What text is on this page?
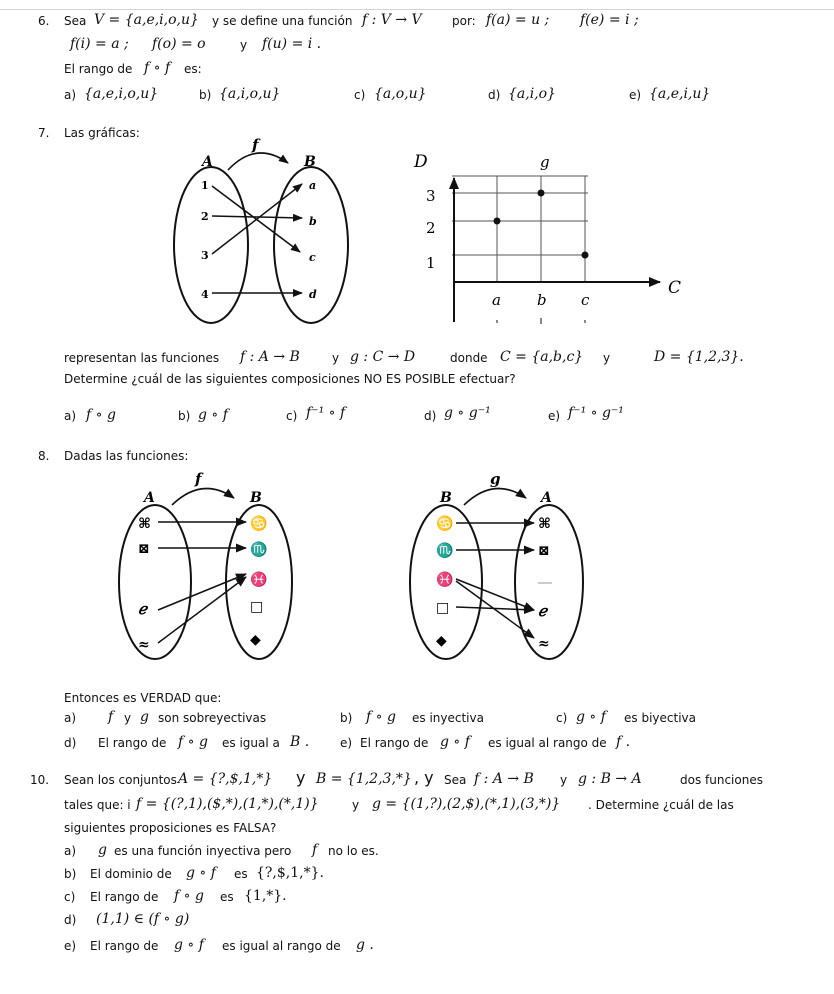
6. Sea V = {a,e,i,o,u} y se define una función f : V → V	por: f(a) = u ; f(e) = i ;
f(i) = a ; f(o) = o	y f(u) = i .
El rango de f ∘ f es:
a) {a,e,i,o,u}	b) {a,i,o,u}	c) {a,o,u}	d) {a,i,o}	e) {a,e,i,u}
7. Las gráficas:
A	B
f
1
2
3
4
a
b
c
d
D	g
C
3
2
1
a b c
representan las funciones f : A → B	y g : C → D	donde C = {a,b,c} y	D = {1,2,3}.
Determine ¿cuál de las siguientes composiciones NO ES POSIBLE efectuar?
a) f ∘ g	b) g ∘ f	c) f⁻¹ ∘ f	d) g ∘ g⁻¹	e) f⁻¹ ∘ g⁻¹
8. Dadas las funciones:
A	B
f
⌘
⊠
ℯ
≈
♋
♏
♓
□
◆
B	A
g
♋
♏
♓
□
◆
⌘
⊠
ℯ
≈
Entonces es VERDAD que:
a) f y g son sobreyectivas	b) f ∘ g es inyectiva	c) g ∘ f es biyectiva
d) El rango de f ∘ g es igual a B .	e) El rango de g ∘ f es igual al rango de f .
10. Sean los conjuntos A = {?,$,1,*} y B = {1,2,3,*} , y Sea f : A → B y g : B → A	dos funciones
tales que: i f = {(?,1),($,*),(1,*),(*,1)}	y g = {(1,?),(2,$),(*,1),(3,*)} . Determine ¿cuál de las
siguientes proposiciones es FALSA?
a) g es una función inyectiva pero f no lo es.
b) El dominio de g ∘ f es {?,$,1,*}.
c) El rango de f ∘ g es {1,*}.
d) (1,1) ∈ (f ∘ g)
e) El rango de g ∘ f es igual al rango de g .
